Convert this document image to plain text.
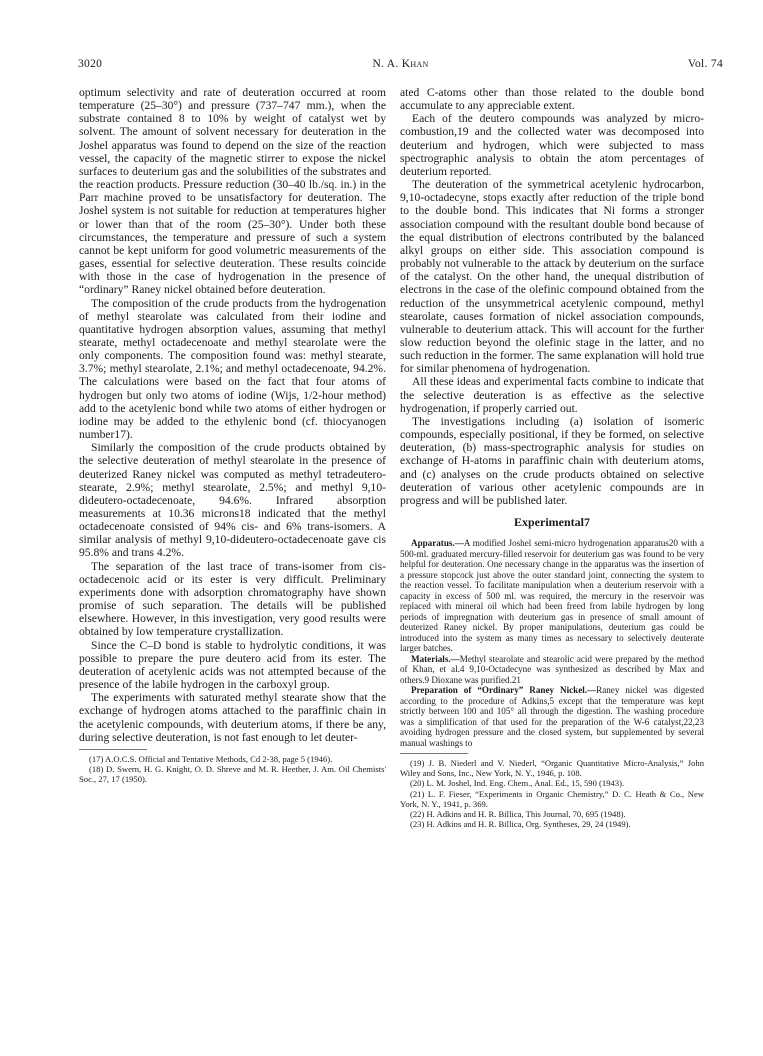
3020	N. A. Khan	Vol. 74

optimum selectivity and rate of deuteration occurred at room temperature (25–30°) and pressure (737–747 mm.), when the substrate contained 8 to 10% by weight of catalyst wet by solvent. The amount of solvent necessary for deuteration in the Joshel apparatus was found to depend on the size of the reaction vessel, the capacity of the magnetic stirrer to expose the nickel surfaces to deuterium gas and the solubilities of the substrates and the reaction products. Pressure reduction (30–40 lb./sq. in.) in the Parr machine proved to be unsatisfactory for deuteration. The Joshel system is not suitable for reduction at temperatures higher or lower than that of the room (25–30°). Under both these circumstances, the temperature and pressure of such a system cannot be kept uniform for good volumetric measurements of the gases, essential for selective deuteration. These results coincide with those in the case of hydrogenation in the presence of “ordinary” Raney nickel obtained before deuteration.

The composition of the crude products from the hydrogenation of methyl stearolate was calculated from their iodine and quantitative hydrogen absorption values, assuming that methyl stearate, methyl octadecenoate and methyl stearolate were the only components. The composition found was: methyl stearate, 3.7%; methyl stearolate, 2.1%; and methyl octadecenoate, 94.2%. The calculations were based on the fact that four atoms of hydrogen but only two atoms of iodine (Wijs, 1/2-hour method) add to the acetylenic bond while two atoms of either hydrogen or iodine may be added to the ethylenic bond (cf. thiocyanogen number17).

Similarly the composition of the crude products obtained by the selective deuteration of methyl stearolate in the presence of deuterized Raney nickel was computed as methyl tetradeutero-stearate, 2.9%; methyl stearolate, 2.5%; and methyl 9,10-dideutero-octadecenoate, 94.6%. Infrared absorption measurements at 10.36 microns18 indicated that the methyl octadecenoate consisted of 94% cis- and 6% trans-isomers. A similar analysis of methyl 9,10-dideutero-octadecenoate gave cis 95.8% and trans 4.2%.

The separation of the last trace of trans-isomer from cis-octadecenoic acid or its ester is very difficult. Preliminary experiments done with adsorption chromatography have shown promise of such separation. The details will be published elsewhere. However, in this investigation, very good results were obtained by low temperature crystallization.

Since the C–D bond is stable to hydrolytic conditions, it was possible to prepare the pure deutero acid from its ester. The deuteration of acetylenic acids was not attempted because of the presence of the labile hydrogen in the carboxyl group.

The experiments with saturated methyl stearate show that the exchange of hydrogen atoms attached to the paraffinic chain in the acetylenic compounds, with deuterium atoms, if there be any, during selective deuteration, is not fast enough to let deuter-

(17) A.O.C.S. Official and Tentative Methods, Cd 2-38, page 5 (1946).

(18) D. Swern, H. G. Knight, O. D. Shreve and M. R. Heether, J. Am. Oil Chemists' Soc., 27, 17 (1950).

ated C-atoms other than those related to the double bond accumulate to any appreciable extent.

Each of the deutero compounds was analyzed by micro-combustion,19 and the collected water was decomposed into deuterium and hydrogen, which were subjected to mass spectrographic analysis to obtain the atom percentages of deuterium reported.

The deuteration of the symmetrical acetylenic hydrocarbon, 9,10-octadecyne, stops exactly after reduction of the triple bond to the double bond. This indicates that Ni forms a stronger association compound with the resultant double bond because of the equal distribution of electrons contributed by the balanced alkyl groups on either side. This association compound is probably not vulnerable to the attack by deuterium on the surface of the catalyst. On the other hand, the unequal distribution of electrons in the case of the olefinic compound obtained from the reduction of the unsymmetrical acetylenic compound, methyl stearolate, causes formation of nickel association compounds, vulnerable to deuterium attack. This will account for the further slow reduction beyond the olefinic stage in the latter, and no such reduction in the former. The same explanation will hold true for similar phenomena of hydrogenation.

All these ideas and experimental facts combine to indicate that the selective deuteration is as effective as the selective hydrogenation, if properly carried out.

The investigations including (a) isolation of isomeric compounds, especially positional, if they be formed, on selective deuteration, (b) mass-spectrographic analysis for studies on exchange of H-atoms in paraffinic chain with deuterium atoms, and (c) analyses on the crude products obtained on selective deuteration of various other acetylenic compounds are in progress and will be published later.

Experimental7

Apparatus.—A modified Joshel semi-micro hydrogenation apparatus20 with a 500-ml. graduated mercury-filled reservoir for deuterium gas was found to be very helpful for deuteration. One necessary change in the apparatus was the insertion of a pressure stopcock just above the outer standard joint, connecting the system to the reaction vessel. To facilitate manipulation when a deuterium reservoir with a capacity in excess of 500 ml. was required, the mercury in the reservoir was replaced with mineral oil which had been freed from labile hydrogen by long periods of impregnation with deuterium gas in presence of small amount of deuterized Raney nickel. By proper manipulations, deuterium gas could be introduced into the system as many times as necessary to selectively deuterate larger batches.

Materials.—Methyl stearolate and stearolic acid were prepared by the method of Khan, et al.4 9,10-Octadecyne was synthesized as described by Max and others.9 Dioxane was purified.21

Preparation of “Ordinary” Raney Nickel.—Raney nickel was digested according to the procedure of Adkins,5 except that the temperature was kept strictly between 100 and 105° all through the digestion. The washing procedure was a simplification of that used for the preparation of the W-6 catalyst,22,23 avoiding hydrogen pressure and the closed system, but supplemented by several manual washings to

(19) J. B. Niederl and V. Niederl, “Organic Quantitative Micro-Analysis,” John Wiley and Sons, Inc., New York, N. Y., 1946, p. 108.

(20) L. M. Joshel, Ind. Eng. Chem., Anal. Ed., 15, 590 (1943).

(21) L. F. Fieser, “Experiments in Organic Chemistry,” D. C. Heath & Co., New York, N. Y., 1941, p. 369.

(22) H. Adkins and H. R. Billica, This Journal, 70, 695 (1948).

(23) H. Adkins and H. R. Billica, Org. Syntheses, 29, 24 (1949).
